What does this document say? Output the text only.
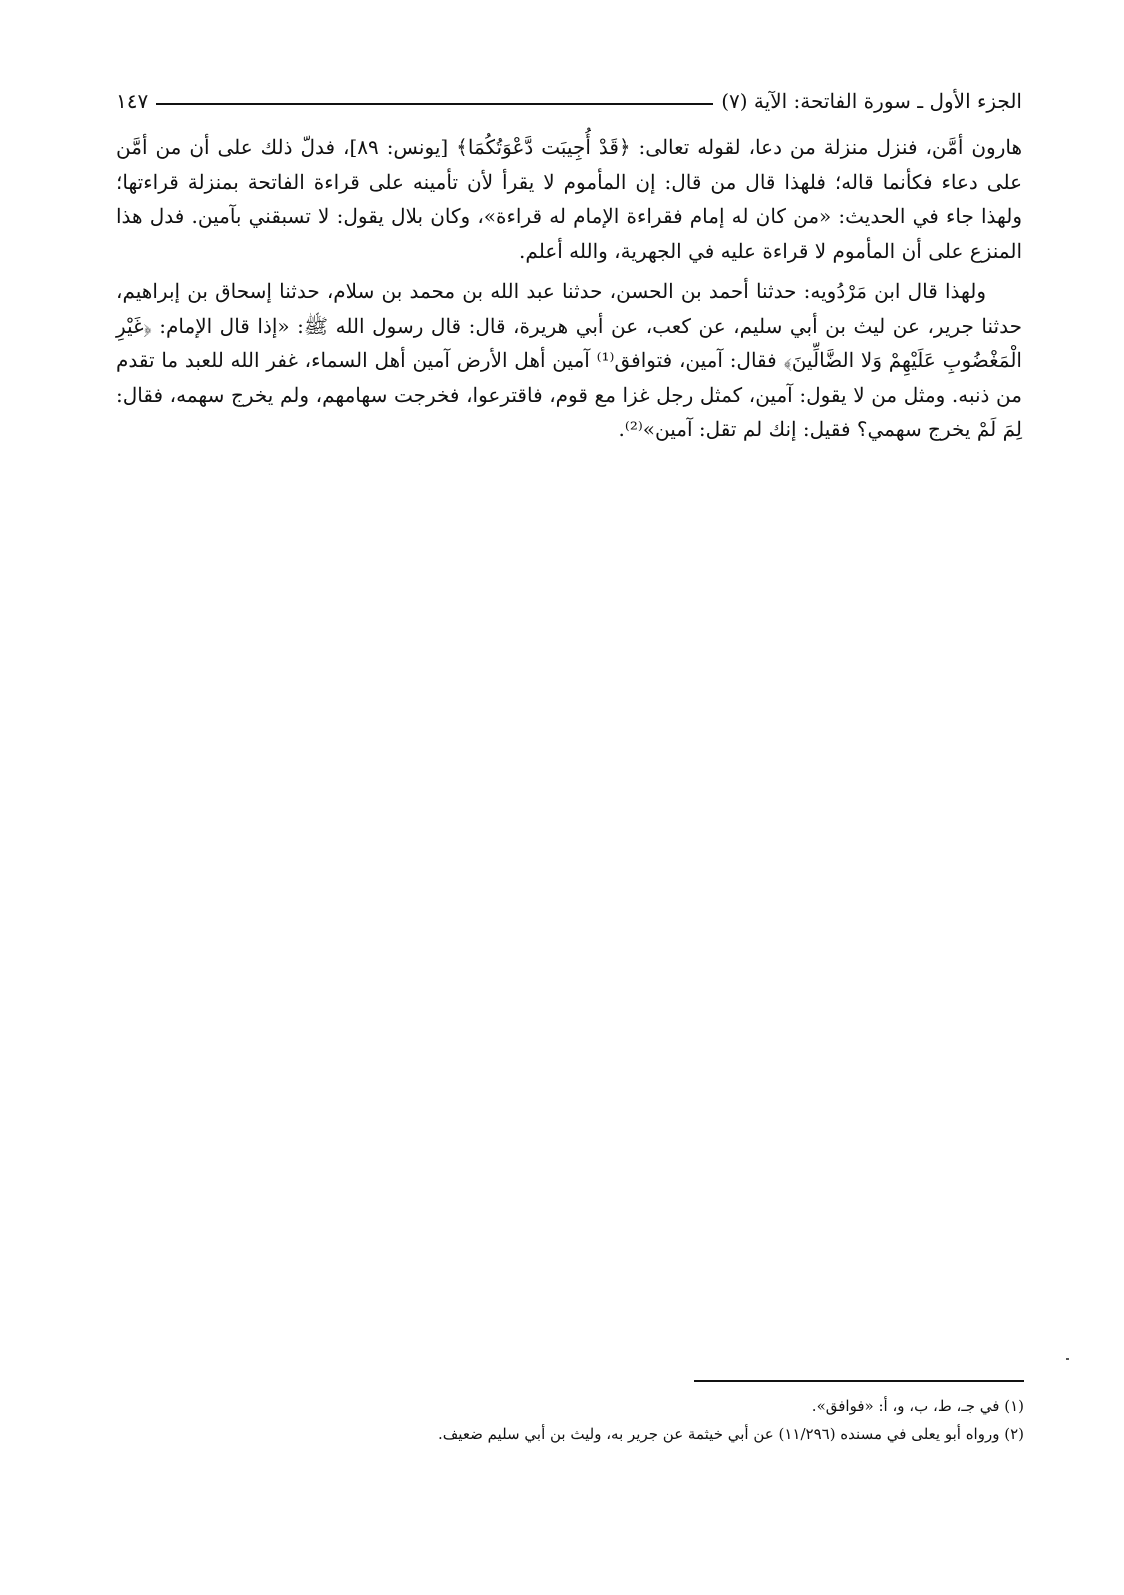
الجزء الأول ـ سورة الفاتحة: الآية (٧)
١٤٧

هارون أمَّن، فنزل منزلة من دعا، لقوله تعالى: ﴿قَدْ أُجِيبَت دَّعْوَتُكُمَا﴾ [يونس: ٨٩]، فدلّ ذلك على أن من أمَّن على دعاء فكأنما قاله؛ فلهذا قال من قال: إن المأموم لا يقرأ لأن تأمينه على قراءة الفاتحة بمنزلة قراءتها؛ ولهذا جاء في الحديث: «من كان له إمام فقراءة الإمام له قراءة»، وكان بلال يقول: لا تسبقني بآمين. فدل هذا المنزع على أن المأموم لا قراءة عليه في الجهرية، والله أعلم.

ولهذا قال ابن مَرْدُويه: حدثنا أحمد بن الحسن، حدثنا عبد الله بن محمد بن سلام، حدثنا إسحاق بن إبراهيم، حدثنا جرير، عن ليث بن أبي سليم، عن كعب، عن أبي هريرة، قال: قال رسول الله ﷺ: «إذا قال الإمام: ﴿غَيْرِ الْمَغْضُوبِ عَلَيْهِمْ وَلا الضَّالِّينَ﴾ فقال: آمين، فتوافق⁽¹⁾ آمين أهل الأرض آمين أهل السماء، غفر الله للعبد ما تقدم من ذنبه. ومثل من لا يقول: آمين، كمثل رجل غزا مع قوم، فاقترعوا، فخرجت سهامهم، ولم يخرج سهمه، فقال: لِمَ لَمْ يخرج سهمي؟ فقيل: إنك لم تقل: آمين»⁽²⁾.

(١) في جـ، ط، ب، و، أ: «فوافق».

(٢) ورواه أبو يعلى في مسنده (١١/٢٩٦) عن أبي خيثمة عن جرير به، وليث بن أبي سليم ضعيف.
